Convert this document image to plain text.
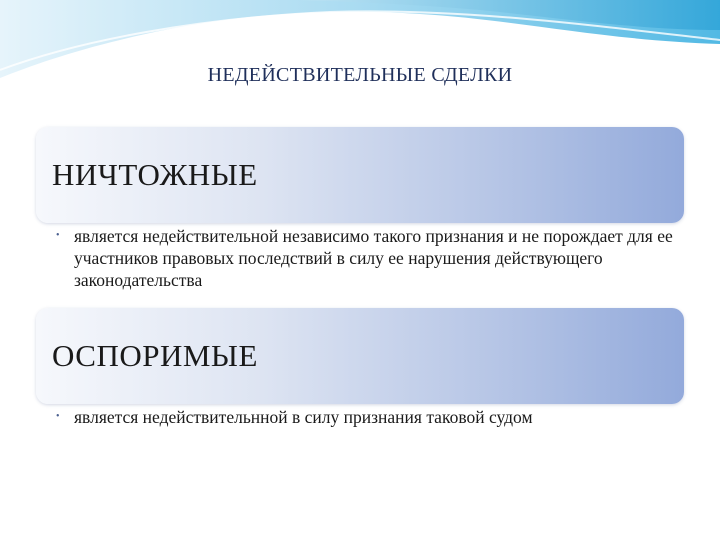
НЕДЕЙСТВИТЕЛЬНЫЕ СДЕЛКИ
НИЧТОЖНЫЕ
• является недействительной независимо такого признания и не порождает для ее участников правовых последствий в силу ее нарушения действующего законодательства
ОСПОРИМЫЕ
• является недействительнной в силу признания таковой судом
